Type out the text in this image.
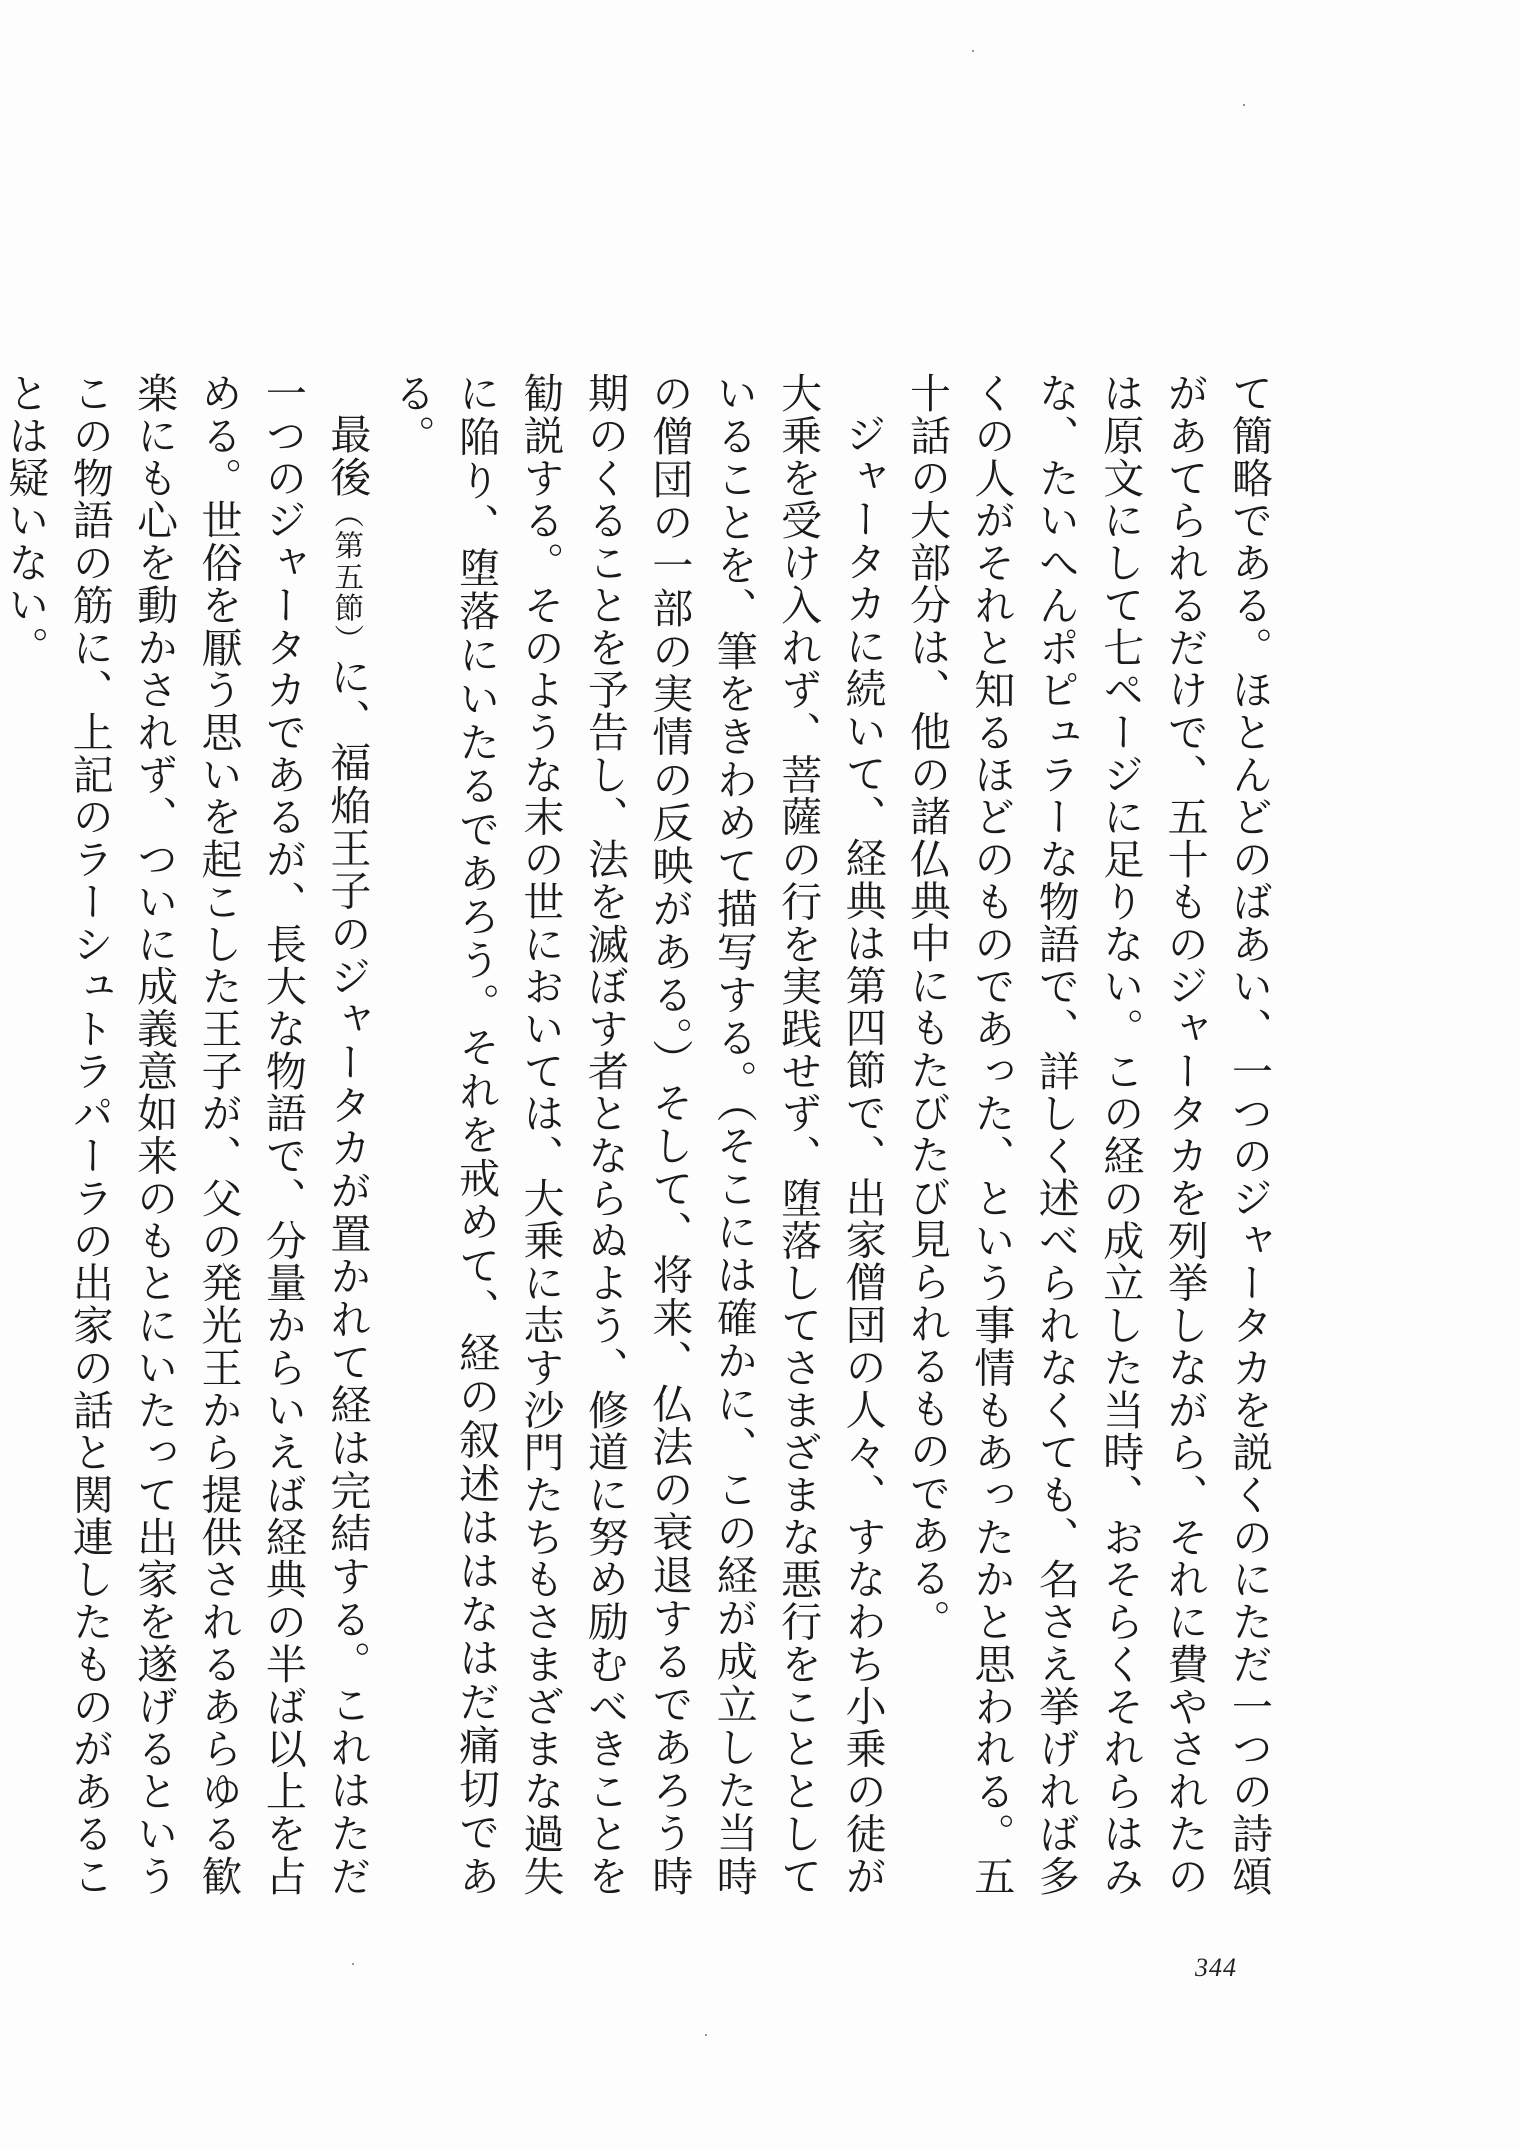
て簡略である。ほとんどのばあい、一つのジャータカを説くのにただ一つの詩頌があてられるだけで、五十ものジャータカを列挙しながら、それに費やされたのは原文にして七ページに足りない。この経の成立した当時、おそらくそれらはみな、たいへんポピュラーな物語で、詳しく述べられなくても、名さえ挙げれば多くの人がそれと知るほどのものであった、という事情もあったかと思われる。五十話の大部分は、他の諸仏典中にもたびたび見られるものである。

ジャータカに続いて、経典は第四節で、出家僧団の人々、すなわち小乗の徒が大乗を受け入れず、菩薩の行を実践せず、堕落してさまざまな悪行をこととしていることを、筆をきわめて描写する。（そこには確かに、この経が成立した当時の僧団の一部の実情の反映がある。）そして、将来、仏法の衰退するであろう時期のくることを予告し、法を滅ぼす者とならぬよう、修道に努め励むべきことを勧説する。そのような末の世においては、大乗に志す沙門たちもさまざまな過失に陥り、堕落にいたるであろう。それを戒めて、経の叙述ははなはだ痛切である。

最後（第五節）に、福焔王子のジャータカが置かれて経は完結する。これはただ一つのジャータカであるが、長大な物語で、分量からいえば経典の半ば以上を占める。世俗を厭う思いを起こした王子が、父の発光王から提供されるあらゆる歓楽にも心を動かされず、ついに成義意如来のもとにいたって出家を遂げるというこの物語の筋に、上記のラーシュトラパーラの出家の話と関連したものがあることは疑いない。

344
